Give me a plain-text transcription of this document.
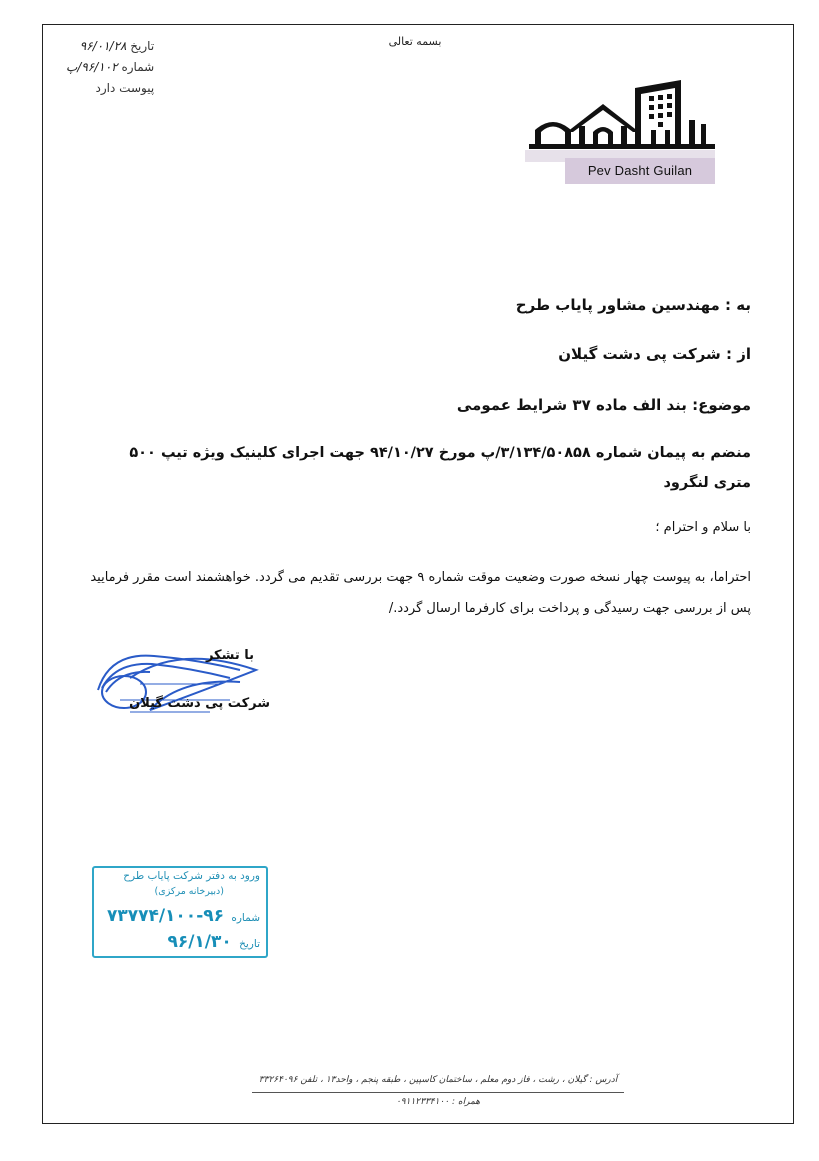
بسمه تعالی
تاریخ ۹۶/۰۱/۲۸
شماره ۹۶/۱۰۲/پ
پیوست دارد
Pev Dasht Guilan
به : مهندسین مشاور پایاب طرح
از : شرکت پی دشت گیلان
موضوع: بند الف ماده ۳۷ شرایط عمومی
منضم به پیمان شماره ۳/۱۳۴/۵۰۸۵۸/پ مورخ ۹۴/۱۰/۲۷ جهت اجرای کلینیک ویژه تیپ ۵۰۰ متری لنگرود
با سلام و احترام ؛
احتراما، به پیوست چهار نسخه صورت وضعیت موقت شماره ۹ جهت بررسی تقدیم می گردد. خواهشمند است مقرر فرمایید پس از بررسی جهت رسیدگی و پرداخت برای کارفرما ارسال گردد./
با تشکر
شرکت پی دشت گیلان
ورود به دفتر شرکت پایاب طرح
(دبیرخانه مرکزی)
شماره ۹۶-۷۳۷۷۴/۱۰۰
تاریخ ۹۶/۱/۳۰
آدرس : گیلان ، رشت ، فاز دوم معلم ، ساختمان کاسپین ، طبقه پنجم ، واحد۱۳ ، تلفن ۳۳۲۶۴۰۹۶
همراه : ۰۹۱۱۲۳۳۴۱۰۰
